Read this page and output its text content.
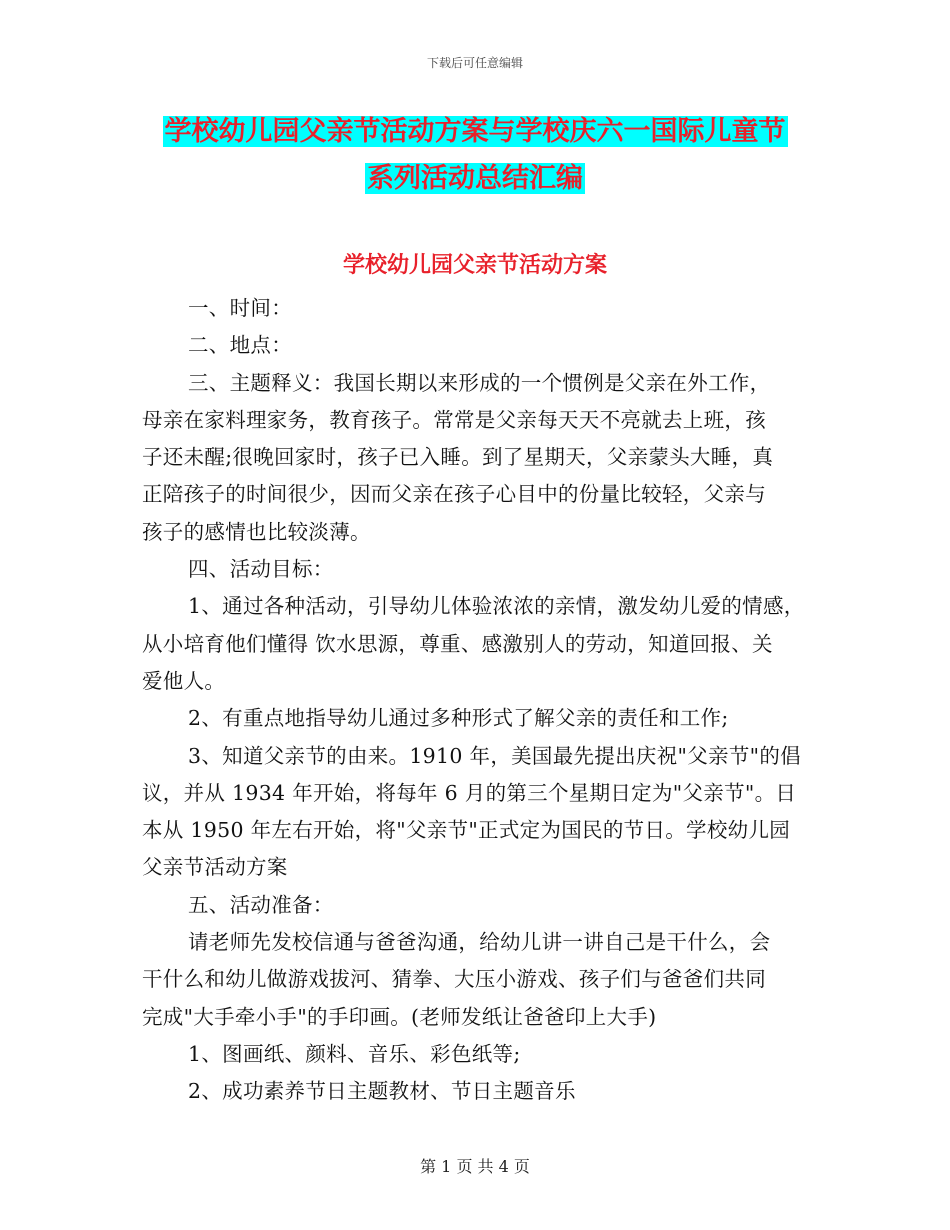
下载后可任意编辑
学校幼儿园父亲节活动方案与学校庆六一国际儿童节
系列活动总结汇编
学校幼儿园父亲节活动方案
一、时间：
二、地点：
三、主题释义：我国长期以来形成的一个惯例是父亲在外工作，
母亲在家料理家务，教育孩子。常常是父亲每天天不亮就去上班，孩
子还未醒;很晚回家时，孩子已入睡。到了星期天，父亲蒙头大睡，真
正陪孩子的时间很少，因而父亲在孩子心目中的份量比较轻，父亲与
孩子的感情也比较淡薄。
四、活动目标：
1、通过各种活动，引导幼儿体验浓浓的亲情，激发幼儿爱的情感，
从小培育他们懂得 饮水思源，尊重、感激别人的劳动，知道回报、关
爱他人。
2、有重点地指导幼儿通过多种形式了解父亲的责任和工作;
3、知道父亲节的由来。1910 年，美国最先提出庆祝"父亲节"的倡
议，并从 1934 年开始，将每年 6 月的第三个星期日定为"父亲节"。日
本从 1950 年左右开始，将"父亲节"正式定为国民的节日。学校幼儿园
父亲节活动方案
五、活动准备：
请老师先发校信通与爸爸沟通，给幼儿讲一讲自己是干什么，会
干什么和幼儿做游戏拔河、猜拳、大压小游戏、孩子们与爸爸们共同
完成"大手牵小手"的手印画。(老师发纸让爸爸印上大手)
1、图画纸、颜料、音乐、彩色纸等;
2、成功素养节日主题教材、节日主题音乐
第 1 页 共 4 页
